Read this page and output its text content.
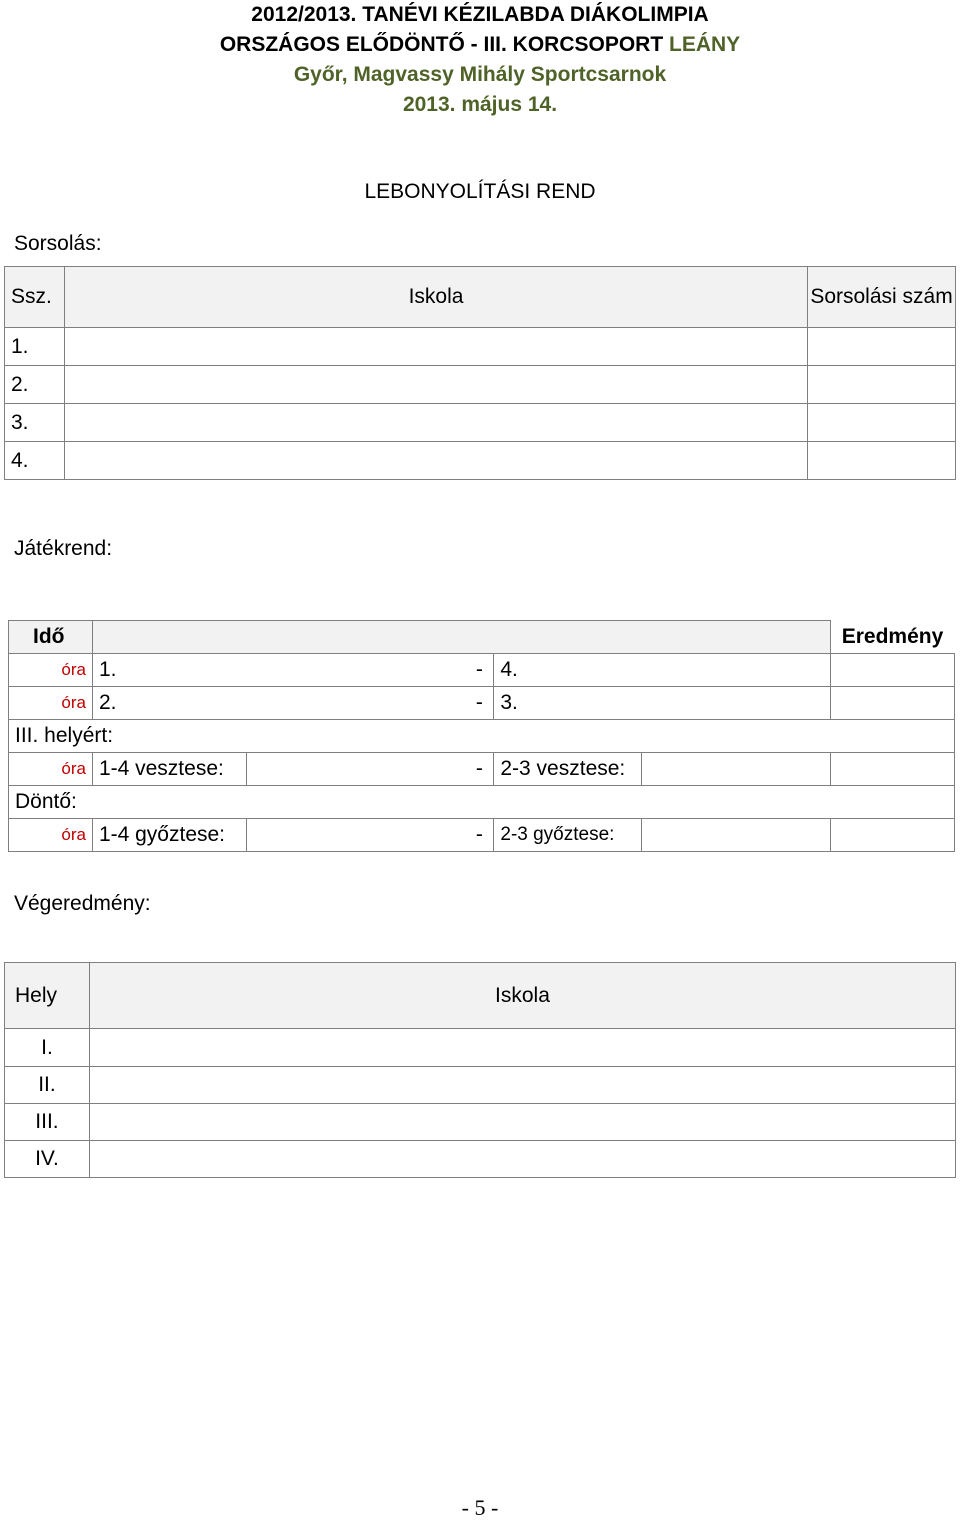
2012/2013. TANÉVI KÉZILABDA DIÁKOLIMPIA
ORSZÁGOS ELŐDÖNTŐ - III. KORCSOPORT LEÁNY
Győr, Magvassy Mihály Sportcsarnok
2013. május 14.
LEBONYOLÍTÁSI REND
Sorsolás:
Ssz.	Iskola	Sorsolási szám
1.		
2.		
3.		
4.		
Játékrend:
Idő							Eredmény
óra	1.			-	4.		
óra	2.			-	3.		
III. helyért:							
óra	1-4 vesztese:			-	2-3 vesztese:		
Döntő:							
óra	1-4 győztese:			-	2-3 győztese:		
Végeredmény:
Hely	Iskola
I.	
II.	
III.	
IV.	
- 5 -
